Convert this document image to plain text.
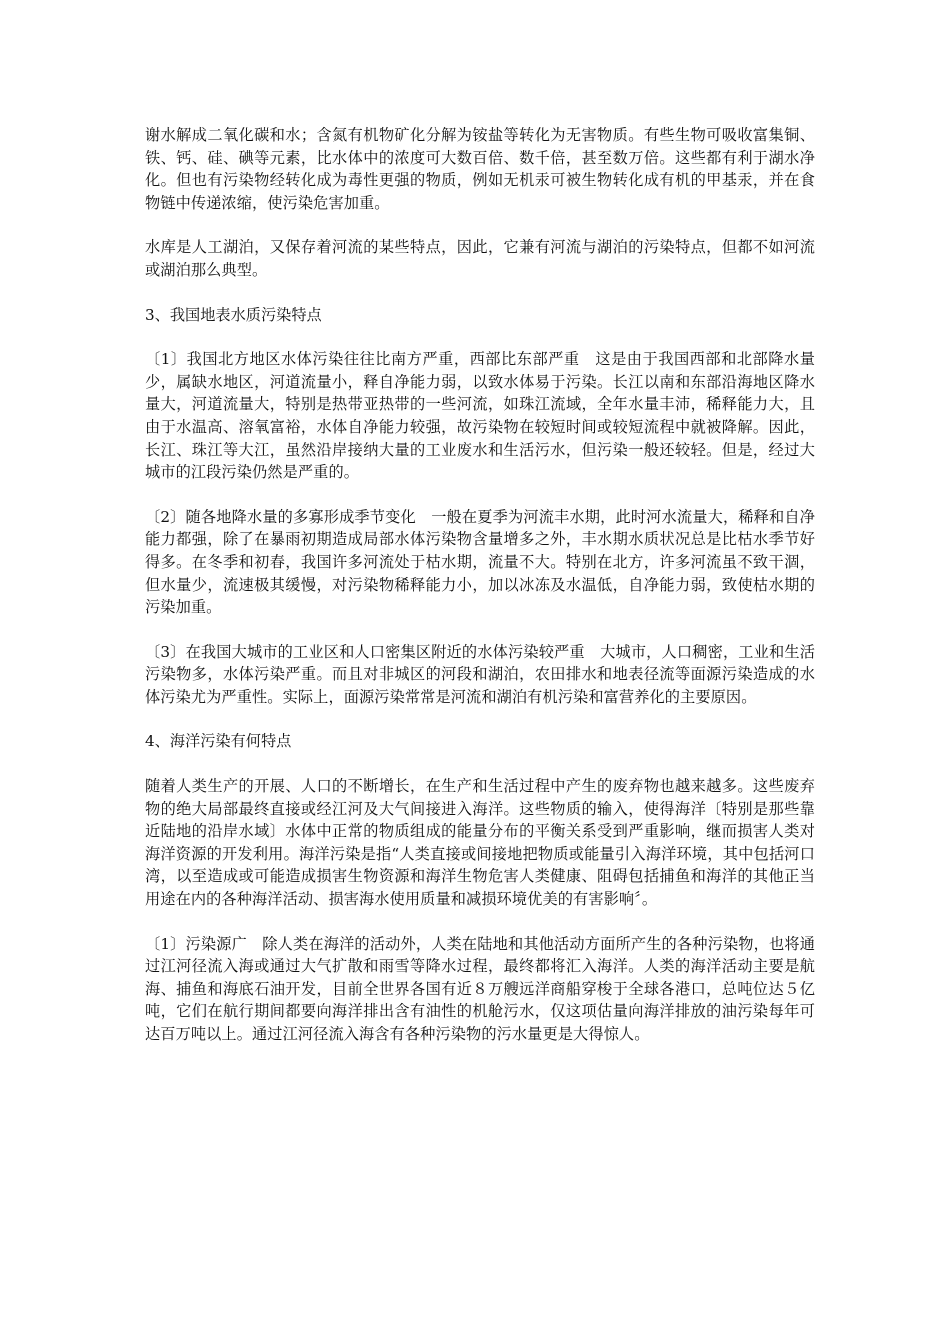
谢水解成二氧化碳和水；含氮有机物矿化分解为铵盐等转化为无害物质。有些生物可吸收富集铜、铁、钙、硅、碘等元素，比水体中的浓度可大数百倍、数千倍，甚至数万倍。这些都有利于湖水净化。但也有污染物经转化成为毒性更强的物质，例如无机汞可被生物转化成有机的甲基汞，并在食物链中传递浓缩，使污染危害加重。

水库是人工湖泊，又保存着河流的某些特点，因此，它兼有河流与湖泊的污染特点，但都不如河流或湖泊那么典型。

3、我国地表水质污染特点

〔1〕我国北方地区水体污染往往比南方严重，西部比东部严重　这是由于我国西部和北部降水量少，属缺水地区，河道流量小，释自净能力弱，以致水体易于污染。长江以南和东部沿海地区降水量大，河道流量大，特别是热带亚热带的一些河流，如珠江流域，全年水量丰沛，稀释能力大，且由于水温高、溶氧富裕，水体自净能力较强，故污染物在较短时间或较短流程中就被降解。因此，长江、珠江等大江，虽然沿岸接纳大量的工业废水和生活污水，但污染一般还较轻。但是，经过大城市的江段污染仍然是严重的。

〔2〕随各地降水量的多寡形成季节变化　一般在夏季为河流丰水期，此时河水流量大，稀释和自净能力都强，除了在暴雨初期造成局部水体污染物含量增多之外，丰水期水质状况总是比枯水季节好得多。在冬季和初春，我国许多河流处于枯水期，流量不大。特别在北方，许多河流虽不致干涸，但水量少，流速极其缓慢，对污染物稀释能力小，加以冰冻及水温低，自净能力弱，致使枯水期的污染加重。

〔3〕在我国大城市的工业区和人口密集区附近的水体污染较严重　大城市，人口稠密，工业和生活污染物多，水体污染严重。而且对非城区的河段和湖泊，农田排水和地表径流等面源污染造成的水体污染尤为严重性。实际上，面源污染常常是河流和湖泊有机污染和富营养化的主要原因。

4、海洋污染有何特点

随着人类生产的开展、人口的不断增长，在生产和生活过程中产生的废弃物也越来越多。这些废弃物的绝大局部最终直接或经江河及大气间接进入海洋。这些物质的输入，使得海洋〔特别是那些靠近陆地的沿岸水域〕水体中正常的物质组成的能量分布的平衡关系受到严重影响，继而损害人类对海洋资源的开发利用。海洋污染是指“人类直接或间接地把物质或能量引入海洋环境，其中包括河口湾，以至造成或可能造成损害生物资源和海洋生物危害人类健康、阻碍包括捕鱼和海洋的其他正当用途在内的各种海洋活动、损害海水使用质量和减损环境优美的有害影响〞。

〔1〕污染源广　除人类在海洋的活动外，人类在陆地和其他活动方面所产生的各种污染物，也将通过江河径流入海或通过大气扩散和雨雪等降水过程，最终都将汇入海洋。人类的海洋活动主要是航海、捕鱼和海底石油开发，目前全世界各国有近８万艘远洋商船穿梭于全球各港口，总吨位达５亿吨，它们在航行期间都要向海洋排出含有油性的机舱污水，仅这项估量向海洋排放的油污染每年可达百万吨以上。通过江河径流入海含有各种污染物的污水量更是大得惊人。
